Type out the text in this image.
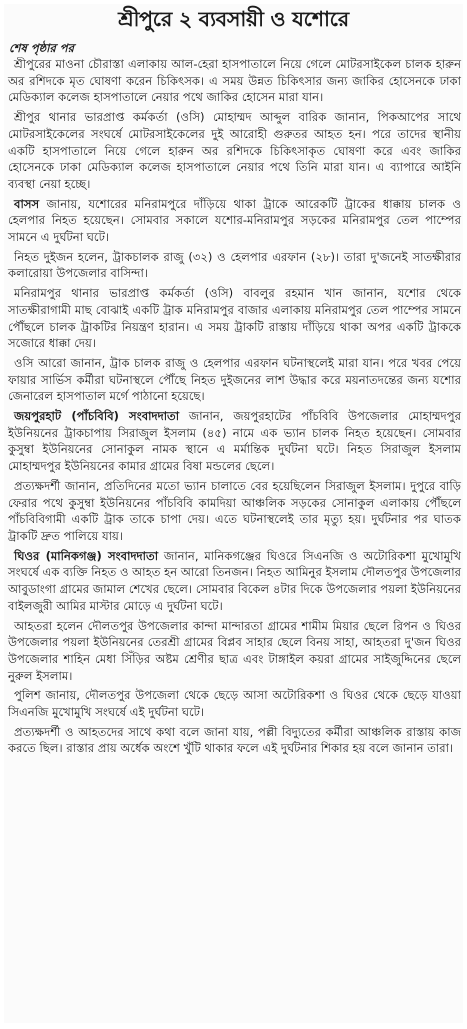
শ্রীপুরে ২ ব্যবসায়ী ও যশোরে
শেষ পৃষ্ঠার পর

শ্রীপুরের মাওনা চৌরাস্তা এলাকায় আল-হেরা হাসপাতালে নিয়ে গেলে মোটরসাইকেল চালক হারুন অর রশিদকে মৃত ঘোষণা করেন চিকিৎসক। এ সময় উন্নত চিকিৎসার জন্য জাকির হোসেনকে ঢাকা মেডিক্যাল কলেজ হাসপাতালে নেয়ার পথে জাকির হোসেন মারা যান।

শ্রীপুর থানার ভারপ্রাপ্ত কর্মকর্তা (ওসি) মোহাম্মদ আব্দুল বারিক জানান, পিকআপের সাথে মোটরসাইকেলের সংঘর্ষে মোটরসাইকেলের দুই আরোহী গুরুতর আহত হন। পরে তাদের স্থানীয় একটি হাসপাতালে নিয়ে গেলে হারুন অর রশিদকে চিকিৎসাকৃত ঘোষণা করে এবং জাকির হোসেনকে ঢাকা মেডিক্যাল কলেজ হাসপাতালে নেয়ার পথে তিনি মারা যান। এ ব্যাপারে আইনি ব্যবস্থা নেয়া হচ্ছে।

বাসস জানায়, যশোরের মনিরামপুরে দাঁড়িয়ে থাকা ট্রাকে আরেকটি ট্রাকের ধাক্কায় চালক ও হেলপার নিহত হয়েছেন। সোমবার সকালে যশোর-মনিরামপুর সড়কের মনিরামপুর তেল পাম্পের সামনে এ দুর্ঘটনা ঘটে।

নিহত দুইজন হলেন, ট্রাকচালক রাজু (৩২) ও হেলপার এরফান (২৮)। তারা দু'জনেই সাতক্ষীরার কলারোয়া উপজেলার বাসিন্দা।

মনিরামপুর থানার ভারপ্রাপ্ত কর্মকর্তা (ওসি) বাবলুর রহমান খান জানান, যশোর থেকে সাতক্ষীরাগামী মাছ বোঝাই একটি ট্রাক মনিরামপুর বাজার এলাকায় মনিরামপুর তেল পাম্পের সামনে পৌঁছলে চালক ট্রাকটির নিয়ন্ত্রণ হারান। এ সময় ট্রাকটি রাস্তায় দাঁড়িয়ে থাকা অপর একটি ট্রাককে সজোরে ধাক্কা দেয়।

ওসি আরো জানান, ট্রাক চালক রাজু ও হেলপার এরফান ঘটনাস্থলেই মারা যান। পরে খবর পেয়ে ফায়ার সার্ভিস কর্মীরা ঘটনাস্থলে পৌঁছে নিহত দুইজনের লাশ উদ্ধার করে ময়নাতদন্তের জন্য যশোর জেনারেল হাসপাতাল মর্গে পাঠানো হয়েছে।

জয়পুরহাট (পাঁচবিবি) সংবাদদাতা জানান, জয়পুরহাটের পাঁচবিবি উপজেলার মোহাম্মদপুর ইউনিয়নের ট্রাকচাপায় সিরাজুল ইসলাম (৪৫) নামে এক ভ্যান চালক নিহত হয়েছেন। সোমবার কুসুম্বা ইউনিয়নের সোনাকুল নামক স্থানে এ মর্মান্তিক দুর্ঘটনা ঘটে। নিহত সিরাজুল ইসলাম মোহাম্মদপুর ইউনিয়নের কামার গ্রামের বিষা মন্ডলের ছেলে।

প্রত্যক্ষদর্শী জানান, প্রতিদিনের মতো ভ্যান চালাতে বের হয়েছিলেন সিরাজুল ইসলাম। দুপুরে বাড়ি ফেরার পথে কুসুম্বা ইউনিয়নের পাঁচবিবি কামদিয়া আঞ্চলিক সড়কের সোনাকুল এলাকায় পৌঁছলে পাঁচবিবিগামী একটি ট্রাক তাকে চাপা দেয়। এতে ঘটনাস্থলেই তার মৃত্যু হয়। দুর্ঘটনার পর ঘাতক ট্রাকটি দ্রুত পালিয়ে যায়।

ঘিওর (মানিকগঞ্জ) সংবাদদাতা জানান, মানিকগঞ্জের ঘিওরে সিএনজি ও অটোরিকশা মুখোমুখি সংঘর্ষে এক ব্যক্তি নিহত ও আহত হন আরো তিনজন। নিহত আমিনুর ইসলাম দৌলতপুর উপজেলার আবুডাংগা গ্রামের জামাল শেখের ছেলে। সোমবার বিকেল ৪টার দিকে উপজেলার পয়লা ইউনিয়নের বাইলজুরী আমির মাস্টার মোড়ে এ দুর্ঘটনা ঘটে।

আহতরা হলেন দৌলতপুর উপজেলার কান্দা মান্দারতা গ্রামের শামীম মিয়ার ছেলে রিপন ও ঘিওর উপজেলার পয়লা ইউনিয়নের তেরশ্রী গ্রামের বিপ্লব সাহার ছেলে বিনয় সাহা, আহতরা দু'জন ঘিওর উপজেলার শাহিন মেধা সিঁড়ির অষ্টম শ্রেণীর ছাত্র এবং টাঙ্গাইল কয়রা গ্রামের সাইজুদ্দিনের ছেলে নুরুল ইসলাম।

পুলিশ জানায়, দৌলতপুর উপজেলা থেকে ছেড়ে আসা অটোরিকশা ও ঘিওর থেকে ছেড়ে যাওয়া সিএনজি মুখোমুখি সংঘর্ষে এই দুর্ঘটনা ঘটে।

প্রত্যক্ষদর্শী ও আহতদের সাথে কথা বলে জানা যায়, পল্লী বিদ্যুতের কর্মীরা আঞ্চলিক রাস্তায় কাজ করতে ছিল। রাস্তার প্রায় অর্ধেক অংশে খুঁটি থাকার ফলে এই দুর্ঘটনার শিকার হয় বলে জানান তারা।
